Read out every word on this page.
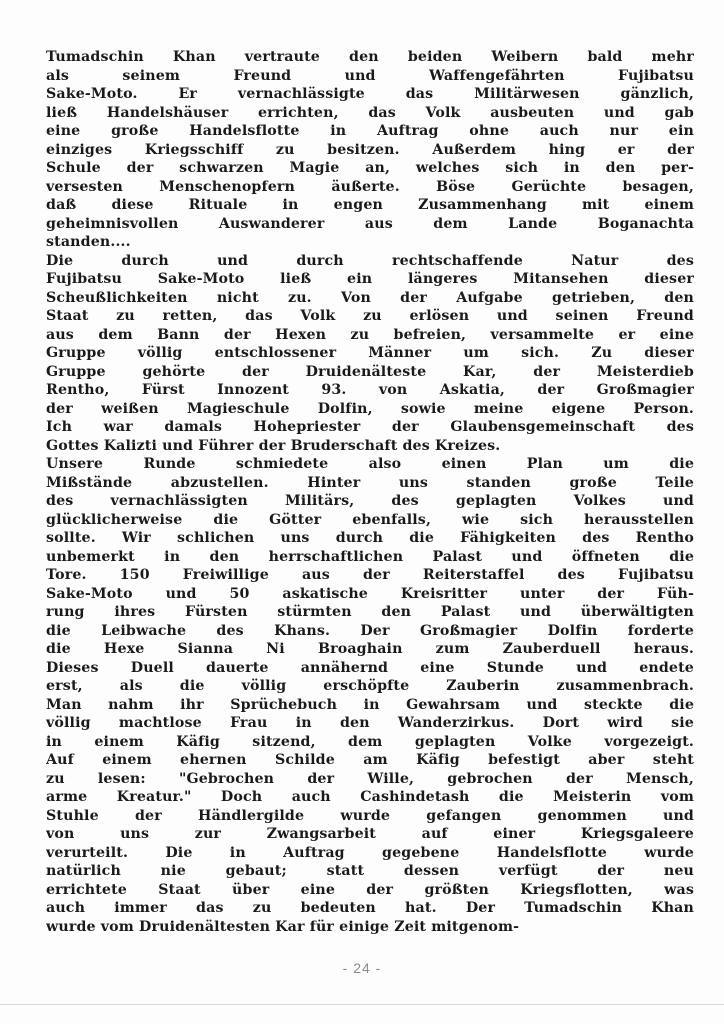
Tumadschin Khan vertraute den beiden Weibern bald mehr
als seinem Freund und Waffengefährten Fujibatsu
Sake-Moto. Er vernachlässigte das Militärwesen gänzlich,
ließ Handelshäuser errichten, das Volk ausbeuten und gab
eine große Handelsflotte in Auftrag ohne auch nur ein
einziges Kriegsschiff zu besitzen. Außerdem hing er der
Schule der schwarzen Magie an, welches sich in den per-
versesten Menschenopfern äußerte. Böse Gerüchte besagen,
daß diese Rituale in engen Zusammenhang mit einem
geheimnisvollen Auswanderer aus dem Lande Boganachta
standen....
Die durch und durch rechtschaffende Natur des
Fujibatsu Sake-Moto ließ ein längeres Mitansehen dieser
Scheußlichkeiten nicht zu. Von der Aufgabe getrieben, den
Staat zu retten, das Volk zu erlösen und seinen Freund
aus dem Bann der Hexen zu befreien, versammelte er eine
Gruppe völlig entschlossener Männer um sich. Zu dieser
Gruppe gehörte der Druidenälteste Kar, der Meisterdieb
Rentho, Fürst Innozent 93. von Askatia, der Großmagier
der weißen Magieschule Dolfin, sowie meine eigene Person.
Ich war damals Hohepriester der Glaubensgemeinschaft des
Gottes Kalizti und Führer der Bruderschaft des Kreizes.
Unsere Runde schmiedete also einen Plan um die
Mißstände abzustellen. Hinter uns standen große Teile
des vernachlässigten Militärs, des geplagten Volkes und
glücklicherweise die Götter ebenfalls, wie sich herausstellen
sollte. Wir schlichen uns durch die Fähigkeiten des Rentho
unbemerkt in den herrschaftlichen Palast und öffneten die
Tore. 150 Freiwillige aus der Reiterstaffel des Fujibatsu
Sake-Moto und 50 askatische Kreisritter unter der Füh-
rung ihres Fürsten stürmten den Palast und überwältigten
die Leibwache des Khans. Der Großmagier Dolfin forderte
die Hexe Sianna Ni Broaghain zum Zauberduell heraus.
Dieses Duell dauerte annähernd eine Stunde und endete
erst, als die völlig erschöpfte Zauberin zusammenbrach.
Man nahm ihr Sprüchebuch in Gewahrsam und steckte die
völlig machtlose Frau in den Wanderzirkus. Dort wird sie
in einem Käfig sitzend, dem geplagten Volke vorgezeigt.
Auf einem ehernen Schilde am Käfig befestigt aber steht
zu lesen: "Gebrochen der Wille, gebrochen der Mensch,
arme Kreatur." Doch auch Cashindetash die Meisterin vom
Stuhle der Händlergilde wurde gefangen genommen und
von uns zur Zwangsarbeit auf einer Kriegsgaleere
verurteilt. Die in Auftrag gegebene Handelsflotte wurde
natürlich nie gebaut; statt dessen verfügt der neu
errichtete Staat über eine der größten Kriegsflotten, was
auch immer das zu bedeuten hat. Der Tumadschin Khan
wurde vom Druidenältesten Kar für einige Zeit mitgenom-
- 24 -
